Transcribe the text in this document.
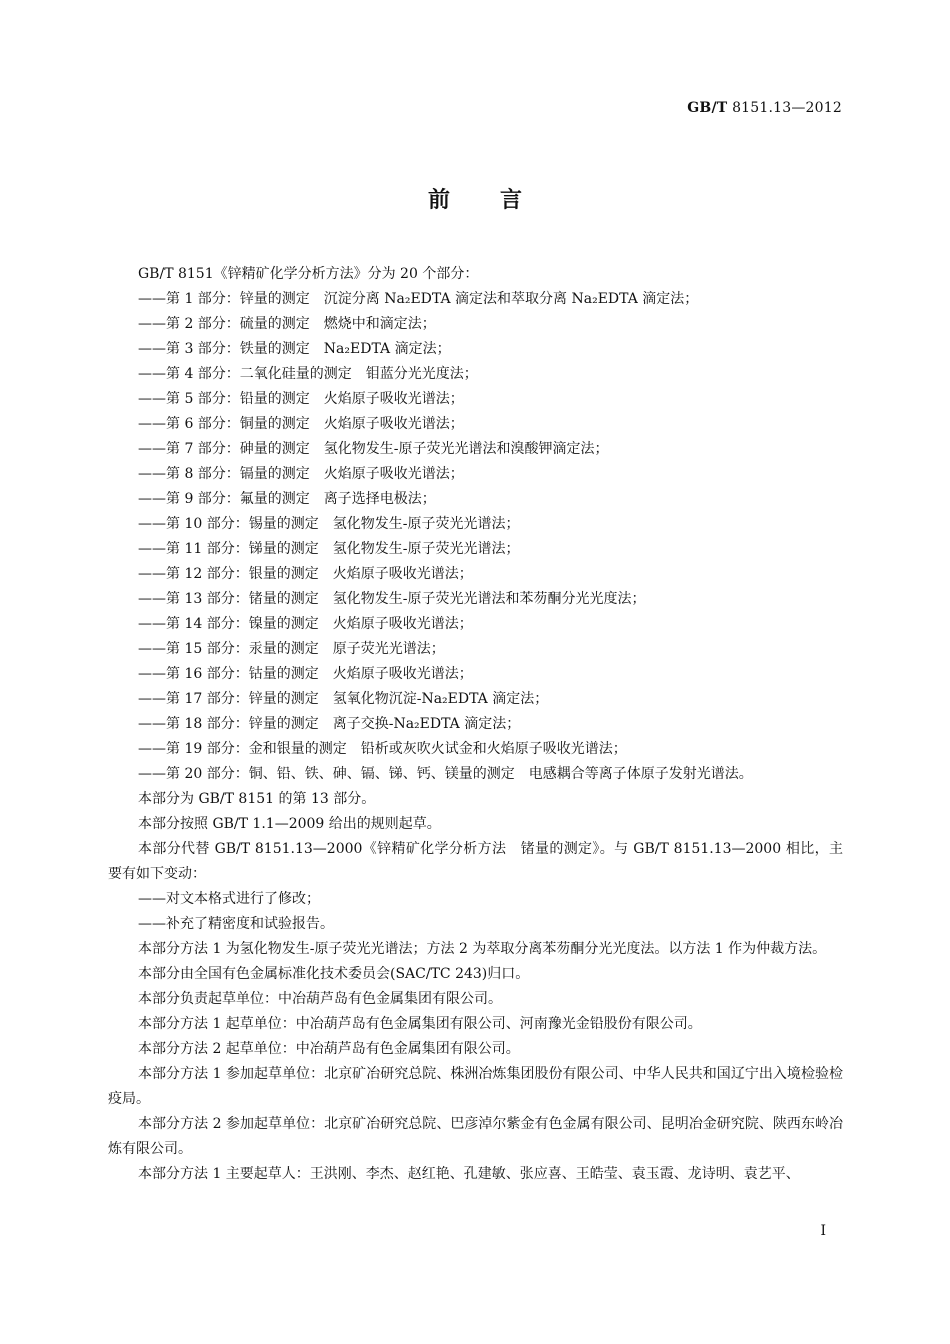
GB/T 8151.13—2012
前言

GB/T 8151《锌精矿化学分析方法》分为 20 个部分：

——第 1 部分：锌量的测定　沉淀分离 Na₂EDTA 滴定法和萃取分离 Na₂EDTA 滴定法；

——第 2 部分：硫量的测定　燃烧中和滴定法；

——第 3 部分：铁量的测定　Na₂EDTA 滴定法；

——第 4 部分：二氧化硅量的测定　钼蓝分光光度法；

——第 5 部分：铅量的测定　火焰原子吸收光谱法；

——第 6 部分：铜量的测定　火焰原子吸收光谱法；

——第 7 部分：砷量的测定　氢化物发生-原子荧光光谱法和溴酸钾滴定法；

——第 8 部分：镉量的测定　火焰原子吸收光谱法；

——第 9 部分：氟量的测定　离子选择电极法；

——第 10 部分：锡量的测定　氢化物发生-原子荧光光谱法；

——第 11 部分：锑量的测定　氢化物发生-原子荧光光谱法；

——第 12 部分：银量的测定　火焰原子吸收光谱法；

——第 13 部分：锗量的测定　氢化物发生-原子荧光光谱法和苯芴酮分光光度法；

——第 14 部分：镍量的测定　火焰原子吸收光谱法；

——第 15 部分：汞量的测定　原子荧光光谱法；

——第 16 部分：钴量的测定　火焰原子吸收光谱法；

——第 17 部分：锌量的测定　氢氧化物沉淀-Na₂EDTA 滴定法；

——第 18 部分：锌量的测定　离子交换-Na₂EDTA 滴定法；

——第 19 部分：金和银量的测定　铅析或灰吹火试金和火焰原子吸收光谱法；

——第 20 部分：铜、铅、铁、砷、镉、锑、钙、镁量的测定　电感耦合等离子体原子发射光谱法。

本部分为 GB/T 8151 的第 13 部分。

本部分按照 GB/T 1.1—2009 给出的规则起草。

本部分代替 GB/T 8151.13—2000《锌精矿化学分析方法　锗量的测定》。与 GB/T 8151.13—2000 相比，主要有如下变动：

——对文本格式进行了修改；

——补充了精密度和试验报告。

本部分方法 1 为氢化物发生-原子荧光光谱法；方法 2 为萃取分离苯芴酮分光光度法。以方法 1 作为仲裁方法。

本部分由全国有色金属标准化技术委员会(SAC/TC 243)归口。

本部分负责起草单位：中冶葫芦岛有色金属集团有限公司。

本部分方法 1 起草单位：中冶葫芦岛有色金属集团有限公司、河南豫光金铅股份有限公司。

本部分方法 2 起草单位：中冶葫芦岛有色金属集团有限公司。

本部分方法 1 参加起草单位：北京矿冶研究总院、株洲冶炼集团股份有限公司、中华人民共和国辽宁出入境检验检疫局。

本部分方法 2 参加起草单位：北京矿冶研究总院、巴彦淖尔紫金有色金属有限公司、昆明冶金研究院、陕西东岭冶炼有限公司。

本部分方法 1 主要起草人：王洪刚、李杰、赵红艳、孔建敏、张应喜、王皓莹、袁玉霞、龙诗明、袁艺平、

I
